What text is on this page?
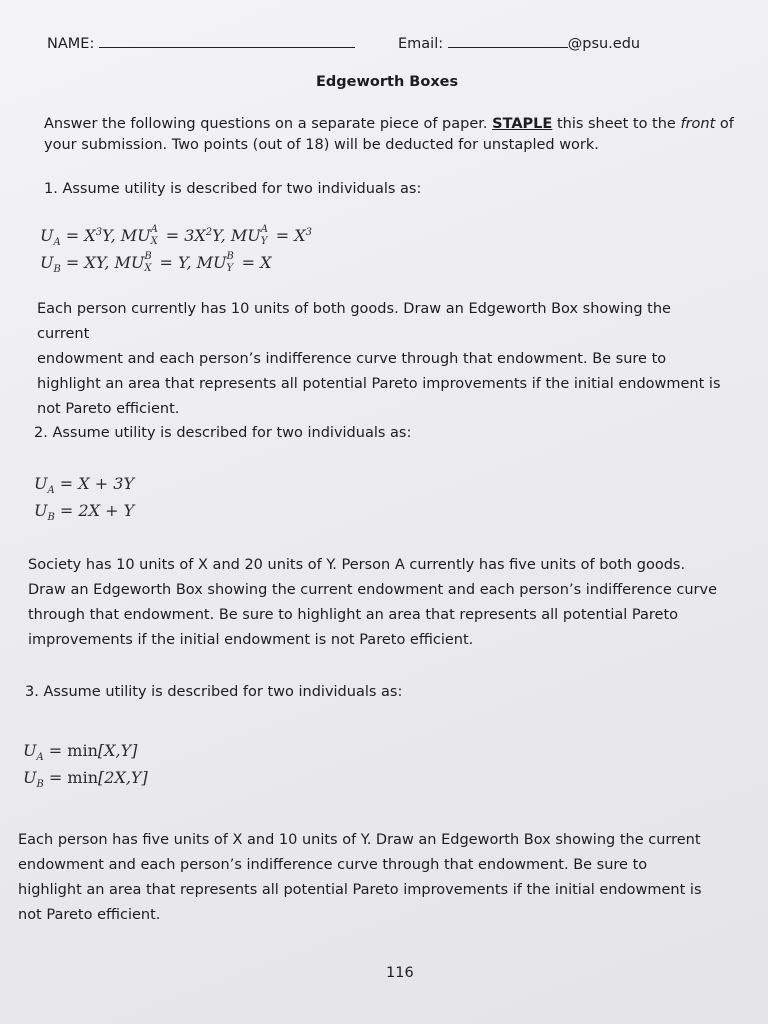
NAME:	Email:	@psu.edu
Edgeworth Boxes
Answer the following questions on a separate piece of paper. STAPLE this sheet to the front of
your submission. Two points (out of 18) will be deducted for unstapled work.
1. Assume utility is described for two individuals as:
$U_A = X^3Y$, MU A
$X = 3X^2Y$, MU A
$Y = X^3$
$U_B$ = XY, MU B
X = Y, MU B
Y = X
Each person currently has 10 units of both goods. Draw an Edgeworth Box showing the current
endowment and each person’s indifference curve through that endowment. Be sure to
highlight an area that represents all potential Pareto improvements if the initial endowment is
not Pareto efficient.
2. Assume utility is described for two individuals as:
$U_A = X + 3Y$
$U_B = 2X + Y$
Society has 10 units of X and 20 units of Y. Person A currently has five units of both goods.
Draw an Edgeworth Box showing the current endowment and each person’s indifference curve
through that endowment. Be sure to highlight an area that represents all potential Pareto
improvements if the initial endowment is not Pareto efficient.
3. Assume utility is described for two individuals as:
$U_A = \min[X,Y]$
$U_B = \min[2X,Y]$
Each person has five units of X and 10 units of Y. Draw an Edgeworth Box showing the current
endowment and each person’s indifference curve through that endowment. Be sure to
highlight an area that represents all potential Pareto improvements if the initial endowment is
not Pareto efficient.
116
